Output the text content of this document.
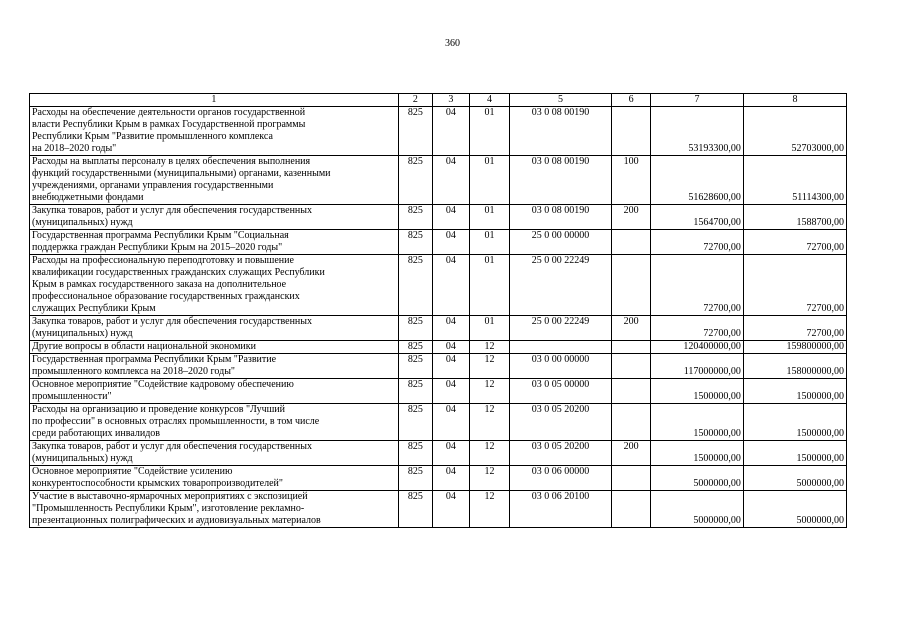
360
1	2	3	4	5	6	7	8
Расходы на обеспечение деятельности органов государственной
власти Республики Крым в рамках Государственной программы
Республики Крым "Развитие промышленного комплекса
на 2018–2020 годы"	825	04	01	03 0 08 00190		53193300,00	52703000,00
Расходы на выплаты персоналу в целях обеспечения выполнения
функций государственными (муниципальными) органами, казенными
учреждениями, органами управления государственными
внебюджетными фондами	825	04	01	03 0 08 00190	100	51628600,00	51114300,00
Закупка товаров, работ и услуг для обеспечения государственных
(муниципальных) нужд	825	04	01	03 0 08 00190	200	1564700,00	1588700,00
Государственная программа Республики Крым "Социальная
поддержка граждан Республики Крым на 2015–2020 годы"	825	04	01	25 0 00 00000		72700,00	72700,00
Расходы на профессиональную переподготовку и повышение
квалификации государственных гражданских служащих Республики
Крым в рамках государственного заказа на дополнительное
профессиональное образование государственных гражданских
служащих Республики Крым	825	04	01	25 0 00 22249		72700,00	72700,00
Закупка товаров, работ и услуг для обеспечения государственных
(муниципальных) нужд	825	04	01	25 0 00 22249	200	72700,00	72700,00
Другие вопросы в области национальной экономики	825	04	12			120400000,00	159800000,00
Государственная программа Республики Крым "Развитие
промышленного комплекса на 2018–2020 годы"	825	04	12	03 0 00 00000		117000000,00	158000000,00
Основное мероприятие "Содействие кадровому обеспечению
промышленности"	825	04	12	03 0 05 00000		1500000,00	1500000,00
Расходы на организацию и проведение конкурсов "Лучший
по профессии" в основных отраслях промышленности, в том числе
среди работающих инвалидов	825	04	12	03 0 05 20200		1500000,00	1500000,00
Закупка товаров, работ и услуг для обеспечения государственных
(муниципальных) нужд	825	04	12	03 0 05 20200	200	1500000,00	1500000,00
Основное мероприятие "Содействие усилению
конкурентоспособности крымских товаропроизводителей"	825	04	12	03 0 06 00000		5000000,00	5000000,00
Участие в выставочно-ярмарочных мероприятиях с экспозицией
"Промышленность Республики Крым", изготовление рекламно-
презентационных полиграфических и аудиовизуальных материалов	825	04	12	03 0 06 20100		5000000,00	5000000,00
